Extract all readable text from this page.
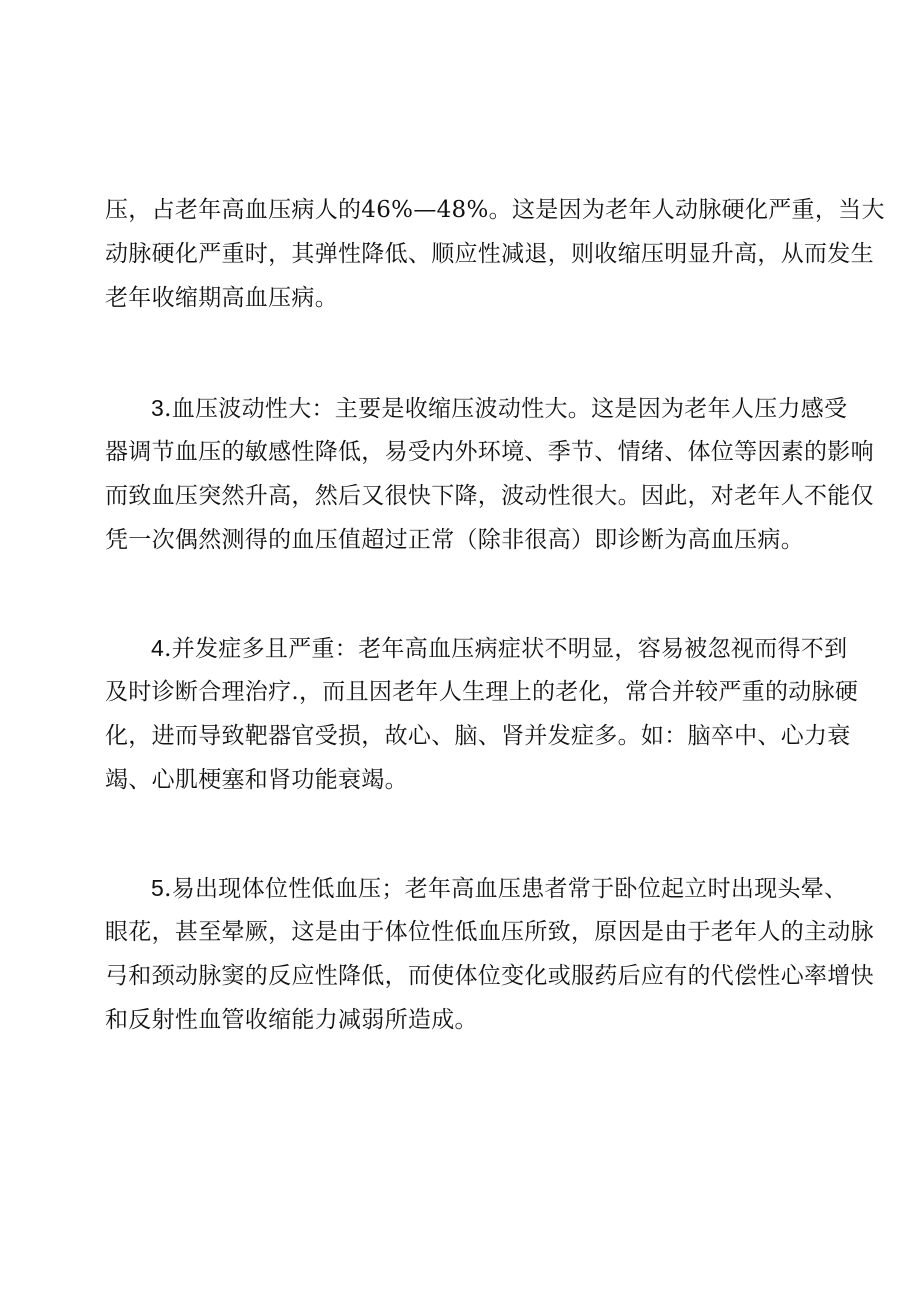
压，占老年高血压病人的46%—48%。这是因为老年人动脉硬化严重，当大
动脉硬化严重时，其弹性降低、顺应性减退，则收缩压明显升高，从而发生
老年收缩期高血压病。

3.血压波动性大：主要是收缩压波动性大。这是因为老年人压力感受
器调节血压的敏感性降低，易受内外环境、季节、情绪、体位等因素的影响
而致血压突然升高，然后又很快下降，波动性很大。因此，对老年人不能仅
凭一次偶然测得的血压值超过正常（除非很高）即诊断为高血压病。

4.并发症多且严重：老年高血压病症状不明显，容易被忽视而得不到
及时诊断合理治疗.，而且因老年人生理上的老化，常合并较严重的动脉硬
化，进而导致靶器官受损，故心、脑、肾并发症多。如：脑卒中、心力衰
竭、心肌梗塞和肾功能衰竭。

5.易出现体位性低血压；老年高血压患者常于卧位起立时出现头晕、
眼花，甚至晕厥，这是由于体位性低血压所致，原因是由于老年人的主动脉
弓和颈动脉窦的反应性降低，而使体位变化或服药后应有的代偿性心率增快
和反射性血管收缩能力减弱所造成。
